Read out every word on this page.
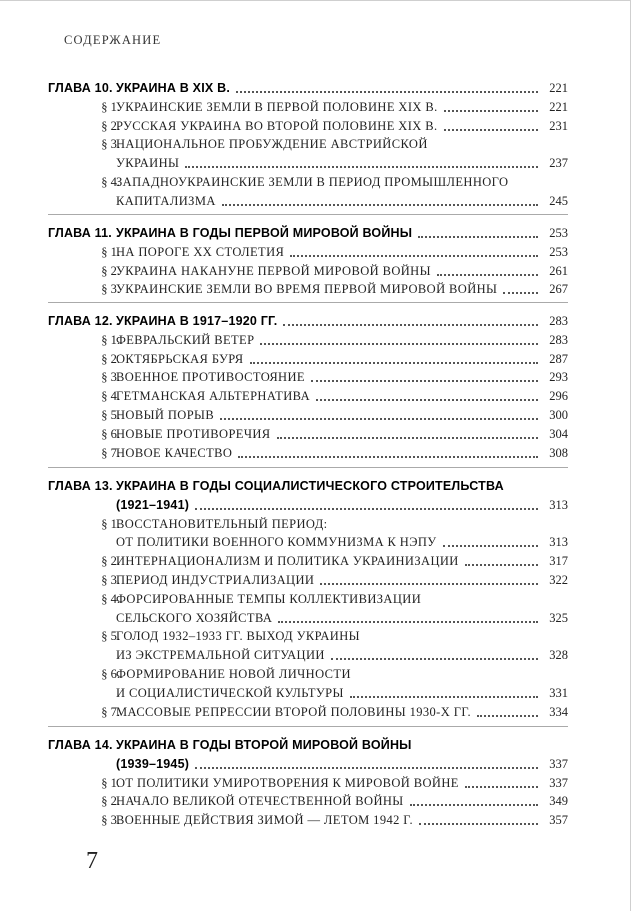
СОДЕРЖАНИЕ
ГЛАВА 10. УКРАИНА В XIX В.	221
§ 1.
УКРАИНСКИЕ ЗЕМЛИ В ПЕРВОЙ ПОЛОВИНЕ XIX В.	221
§ 2.
РУССКАЯ УКРАИНА ВО ВТОРОЙ ПОЛОВИНЕ XIX В.	231
§ 3.
НАЦИОНАЛЬНОЕ ПРОБУЖДЕНИЕ АВСТРИЙСКОЙ
УКРАИНЫ	237
§ 4.
ЗАПАДНОУКРАИНСКИЕ ЗЕМЛИ В ПЕРИОД ПРОМЫШЛЕННОГО
КАПИТАЛИЗМА	245
ГЛАВА 11. УКРАИНА В ГОДЫ ПЕРВОЙ МИРОВОЙ ВОЙНЫ	253
§ 1.
НА ПОРОГЕ XX СТОЛЕТИЯ	253
§ 2.
УКРАИНА НАКАНУНЕ ПЕРВОЙ МИРОВОЙ ВОЙНЫ	261
§ 3.
УКРАИНСКИЕ ЗЕМЛИ ВО ВРЕМЯ ПЕРВОЙ МИРОВОЙ ВОЙНЫ	267
ГЛАВА 12. УКРАИНА В 1917–1920 ГГ.	283
§ 1.
ФЕВРАЛЬСКИЙ ВЕТЕР	283
§ 2.
ОКТЯБРЬСКАЯ БУРЯ	287
§ 3.
ВОЕННОЕ ПРОТИВОСТОЯНИЕ	293
§ 4.
ГЕТМАНСКАЯ АЛЬТЕРНАТИВА	296
§ 5.
НОВЫЙ ПОРЫВ	300
§ 6.
НОВЫЕ ПРОТИВОРЕЧИЯ	304
§ 7.
НОВОЕ КАЧЕСТВО	308
ГЛАВА 13. УКРАИНА В ГОДЫ СОЦИАЛИСТИЧЕСКОГО СТРОИТЕЛЬСТВА
(1921–1941)	313
§ 1.
ВОССТАНОВИТЕЛЬНЫЙ ПЕРИОД:
ОТ ПОЛИТИКИ ВОЕННОГО КОММУНИЗМА К НЭПУ	313
§ 2.
ИНТЕРНАЦИОНАЛИЗМ И ПОЛИТИКА УКРАИНИЗАЦИИ	317
§ 3.
ПЕРИОД ИНДУСТРИАЛИЗАЦИИ	322
§ 4.
ФОРСИРОВАННЫЕ ТЕМПЫ КОЛЛЕКТИВИЗАЦИИ
СЕЛЬСКОГО ХОЗЯЙСТВА	325
§ 5.
ГОЛОД 1932–1933 ГГ. ВЫХОД УКРАИНЫ
ИЗ ЭКСТРЕМАЛЬНОЙ СИТУАЦИИ	328
§ 6.
ФОРМИРОВАНИЕ НОВОЙ ЛИЧНОСТИ
И СОЦИАЛИСТИЧЕСКОЙ КУЛЬТУРЫ	331
§ 7.
МАССОВЫЕ РЕПРЕССИИ ВТОРОЙ ПОЛОВИНЫ 1930-Х ГГ.	334
ГЛАВА 14. УКРАИНА В ГОДЫ ВТОРОЙ МИРОВОЙ ВОЙНЫ
(1939–1945)	337
§ 1.
ОТ ПОЛИТИКИ УМИРОТВОРЕНИЯ К МИРОВОЙ ВОЙНЕ	337
§ 2.
НАЧАЛО ВЕЛИКОЙ ОТЕЧЕСТВЕННОЙ ВОЙНЫ	349
§ 3.
ВОЕННЫЕ ДЕЙСТВИЯ ЗИМОЙ — ЛЕТОМ 1942 Г.	357
7
